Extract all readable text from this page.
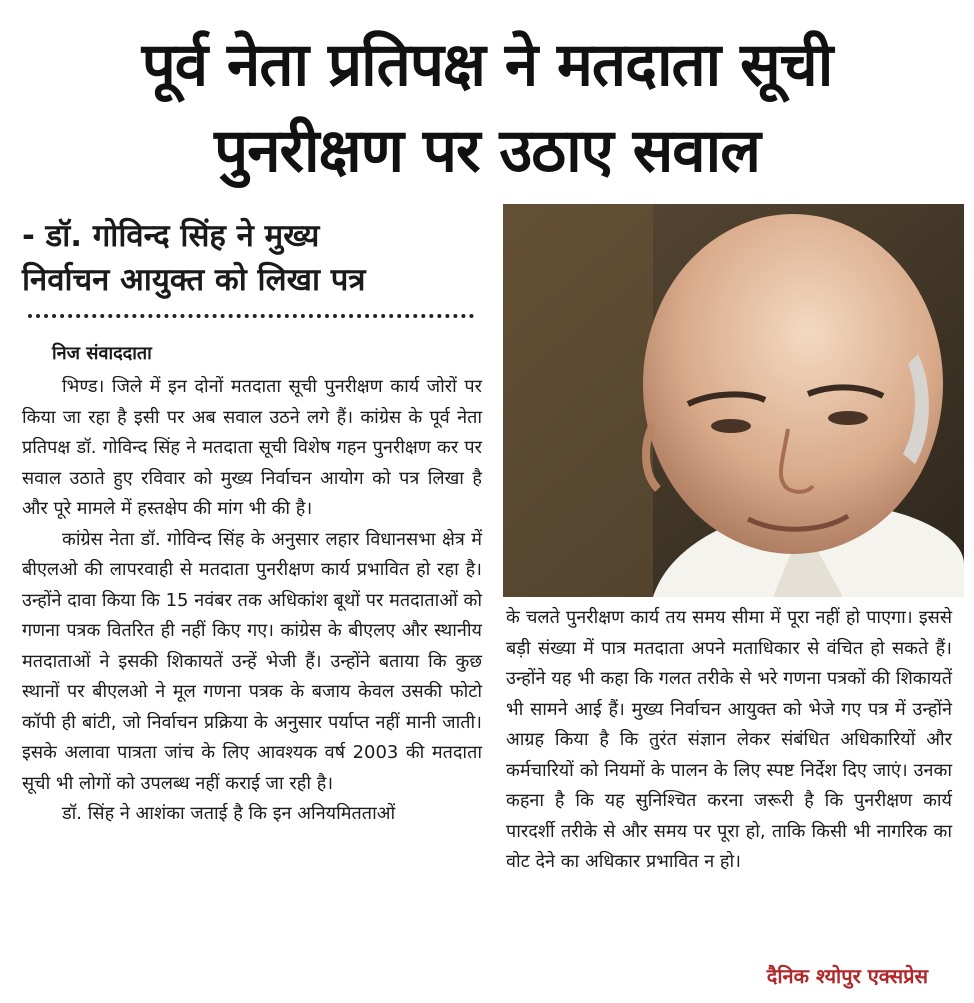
पूर्व नेता प्रतिपक्ष ने मतदाता सूची
पुनरीक्षण पर उठाए सवाल
- डॉ. गोविन्द सिंह ने मुख्य
निर्वाचन आयुक्त को लिखा पत्र
निज संवाददाता

भिण्ड। जिले में इन दोनों मतदाता सूची पुनरीक्षण कार्य जोरों पर किया जा रहा है इसी पर अब सवाल उठने लगे हैं। कांग्रेस के पूर्व नेता प्रतिपक्ष डॉ. गोविन्द सिंह ने मतदाता सूची विशेष गहन पुनरीक्षण कर पर सवाल उठाते हुए रविवार को मुख्य निर्वाचन आयोग को पत्र लिखा है और पूरे मामले में हस्तक्षेप की मांग भी की है।

कांग्रेस नेता डॉ. गोविन्द सिंह के अनुसार लहार विधानसभा क्षेत्र में बीएलओ की लापरवाही से मतदाता पुनरीक्षण कार्य प्रभावित हो रहा है। उन्होंने दावा किया कि 15 नवंबर तक अधिकांश बूथों पर मतदाताओं को गणना पत्रक वितरित ही नहीं किए गए। कांग्रेस के बीएलए और स्थानीय मतदाताओं ने इसकी शिकायतें उन्हें भेजी हैं। उन्होंने बताया कि कुछ स्थानों पर बीएलओ ने मूल गणना पत्रक के बजाय केवल उसकी फोटो कॉपी ही बांटी, जो निर्वाचन प्रक्रिया के अनुसार पर्याप्त नहीं मानी जाती। इसके अलावा पात्रता जांच के लिए आवश्यक वर्ष 2003 की मतदाता सूची भी लोगों को उपलब्ध नहीं कराई जा रही है।

डॉ. सिंह ने आशंका जताई है कि इन अनियमितताओं

के चलते पुनरीक्षण कार्य तय समय सीमा में पूरा नहीं हो पाएगा। इससे बड़ी संख्या में पात्र मतदाता अपने मताधिकार से वंचित हो सकते हैं। उन्होंने यह भी कहा कि गलत तरीके से भरे गणना पत्रकों की शिकायतें भी सामने आई हैं। मुख्य निर्वाचन आयुक्त को भेजे गए पत्र में उन्होंने आग्रह किया है कि तुरंत संज्ञान लेकर संबंधित अधिकारियों और कर्मचारियों को नियमों के पालन के लिए स्पष्ट निर्देश दिए जाएं। उनका कहना है कि यह सुनिश्चित करना जरूरी है कि पुनरीक्षण कार्य पारदर्शी तरीके से और समय पर पूरा हो, ताकि किसी भी नागरिक का वोट देने का अधिकार प्रभावित न हो।

दैनिक श्योपुर एक्सप्रेस
